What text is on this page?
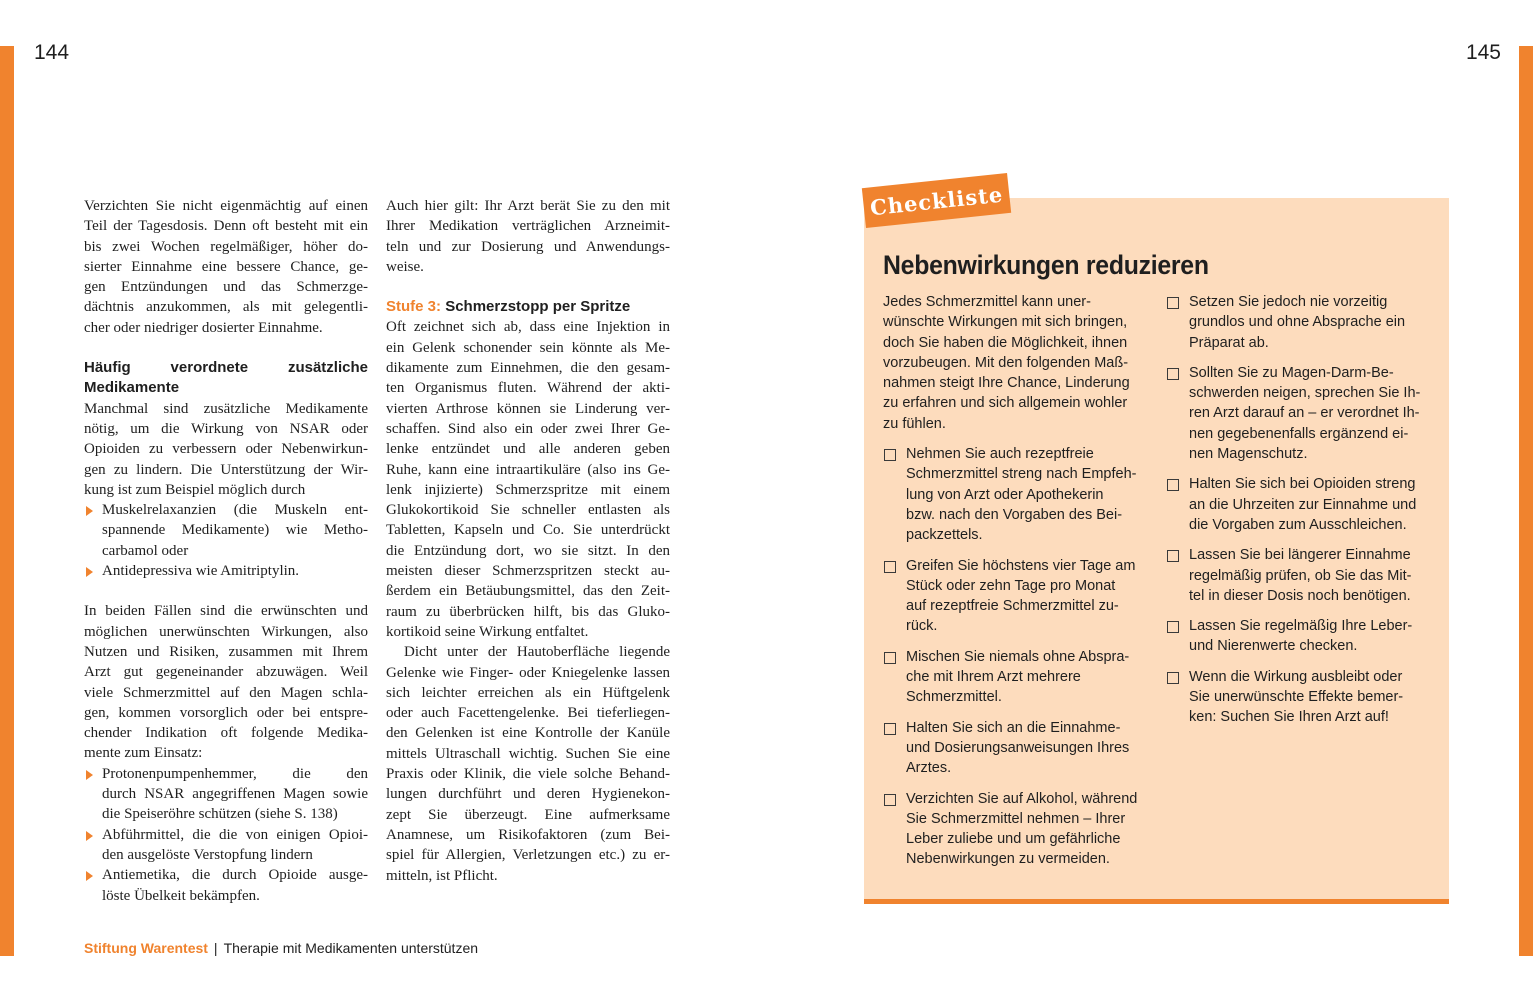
144	145

Verzichten Sie nicht eigenmächtig auf einen
Teil der Tagesdosis. Denn oft besteht mit ein
bis zwei Wochen regelmäßiger, höher do-
sierter Einnahme eine bessere Chance, ge-
gen Entzündungen und das Schmerzge-
dächtnis anzukommen, als mit gelegentli-
cher oder niedriger dosierter Einnahme.

Häufig verordnete zusätzliche Medikamente

Manchmal sind zusätzliche Medikamente
nötig, um die Wirkung von NSAR oder
Opioiden zu verbessern oder Nebenwirkun-
gen zu lindern. Die Unterstützung der Wir-
kung ist zum Beispiel möglich durch

Muskelrelaxanzien (die Muskeln ent-
spannende Medikamente) wie Metho-
carbamol oder
Antidepressiva wie Amitriptylin.

In beiden Fällen sind die erwünschten und
möglichen unerwünschten Wirkungen, also
Nutzen und Risiken, zusammen mit Ihrem
Arzt gut gegeneinander abzuwägen. Weil
viele Schmerzmittel auf den Magen schla-
gen, kommen vorsorglich oder bei entspre-
chender Indikation oft folgende Medika-
mente zum Einsatz:

Protonenpumpenhemmer, die den
durch NSAR angegriffenen Magen sowie
die Speiseröhre schützen (siehe S. 138)
Abführmittel, die die von einigen Opioi-
den ausgelöste Verstopfung lindern
Antiemetika, die durch Opioide ausge-
löste Übelkeit bekämpfen.

Auch hier gilt: Ihr Arzt berät Sie zu den mit
Ihrer Medikation verträglichen Arzneimit-
teln und zur Dosierung und Anwendungs-
weise.

Stufe 3: Schmerzstopp per Spritze

Oft zeichnet sich ab, dass eine Injektion in
ein Gelenk schonender sein könnte als Me-
dikamente zum Einnehmen, die den gesam-
ten Organismus fluten. Während der akti-
vierten Arthrose können sie Linderung ver-
schaffen. Sind also ein oder zwei Ihrer Ge-
lenke entzündet und alle anderen geben
Ruhe, kann eine intraartikuläre (also ins Ge-
lenk injizierte) Schmerzspritze mit einem
Glukokortikoid Sie schneller entlasten als
Tabletten, Kapseln und Co. Sie unterdrückt
die Entzündung dort, wo sie sitzt. In den
meisten dieser Schmerzspritzen steckt au-
ßerdem ein Betäubungsmittel, das den Zeit-
raum zu überbrücken hilft, bis das Gluko-
kortikoid seine Wirkung entfaltet.

Dicht unter der Hautoberfläche liegende
Gelenke wie Finger- oder Kniegelenke lassen
sich leichter erreichen als ein Hüftgelenk
oder auch Facettengelenke. Bei tieferliegen-
den Gelenken ist eine Kontrolle der Kanüle
mittels Ultraschall wichtig. Suchen Sie eine
Praxis oder Klinik, die viele solche Behand-
lungen durchführt und deren Hygienekon-
zept Sie überzeugt. Eine aufmerksame
Anamnese, um Risikofaktoren (zum Bei-
spiel für Allergien, Verletzungen etc.) zu er-
mitteln, ist Pflicht.

Checkliste
Nebenwirkungen reduzieren

Jedes Schmerzmittel kann uner-
wünschte Wirkungen mit sich bringen,
doch Sie haben die Möglichkeit, ihnen
vorzubeugen. Mit den folgenden Maß-
nahmen steigt Ihre Chance, Linderung
zu erfahren und sich allgemein wohler
zu fühlen.

Nehmen Sie auch rezeptfreie
Schmerzmittel streng nach Empfeh-
lung von Arzt oder Apothekerin
bzw. nach den Vorgaben des Bei-
packzettels.
Greifen Sie höchstens vier Tage am
Stück oder zehn Tage pro Monat
auf rezeptfreie Schmerzmittel zu-
rück.
Mischen Sie niemals ohne Abspra-
che mit Ihrem Arzt mehrere
Schmerzmittel.
Halten Sie sich an die Einnahme-
und Dosierungsanweisungen Ihres
Arztes.
Verzichten Sie auf Alkohol, während
Sie Schmerzmittel nehmen – Ihrer
Leber zuliebe und um gefährliche
Nebenwirkungen zu vermeiden.
Setzen Sie jedoch nie vorzeitig
grundlos und ohne Absprache ein
Präparat ab.
Sollten Sie zu Magen-Darm-Be-
schwerden neigen, sprechen Sie Ih-
ren Arzt darauf an – er verordnet Ih-
nen gegebenenfalls ergänzend ei-
nen Magenschutz.
Halten Sie sich bei Opioiden streng
an die Uhrzeiten zur Einnahme und
die Vorgaben zum Ausschleichen.
Lassen Sie bei längerer Einnahme
regelmäßig prüfen, ob Sie das Mit-
tel in dieser Dosis noch benötigen.
Lassen Sie regelmäßig Ihre Leber-
und Nierenwerte checken.
Wenn die Wirkung ausbleibt oder
Sie unerwünschte Effekte bemer-
ken: Suchen Sie Ihren Arzt auf!
Stiftung Warentest | Therapie mit Medikamenten unterstützen
